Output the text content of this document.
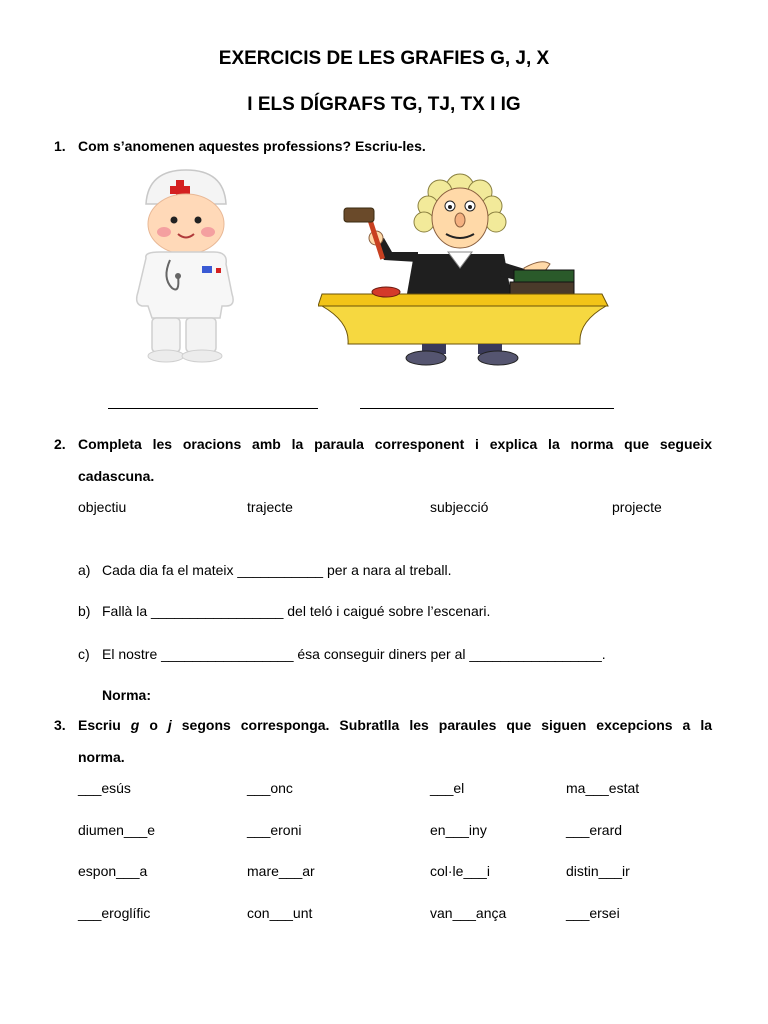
EXERCICIS DE LES GRAFIES G, J, X
I ELS DÍGRAFS TG, TJ, TX I IG
1. Com s’anomenen aquestes professions? Escriu-les.
2. Completa les oracions amb la paraula corresponent i explica la norma que segueix
cadascuna.
objectiu	trajecte	subjecció	projecte
a) Cada dia fa el mateix ___________ per a nara al treball.
b) Fallà la _________________ del teló i caigué sobre l’escenari.
c) El nostre _________________ ésa conseguir diners per al _________________.
Norma:
3. Escriu g o j segons corresponga. Subratlla les paraules que siguen excepcions a la
norma.
___esús	___onc	___el	ma___estat
diumen___e	___eroni	en___iny	___erard
espon___a	mare___ar	col·le___i	distin___ir
___eroglífic	con___unt	van___ança	___ersei
